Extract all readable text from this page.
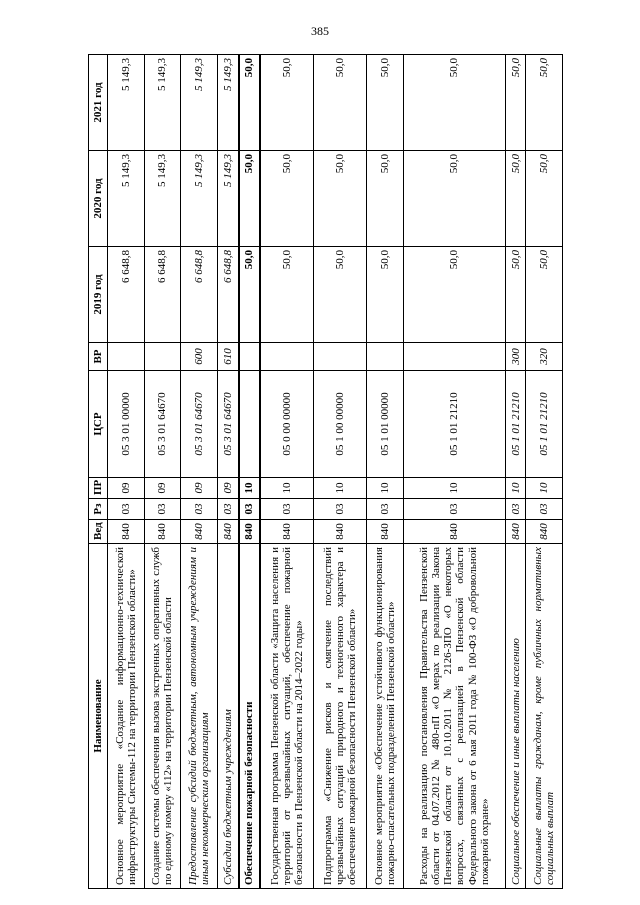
385
Наименование	Вед	Рз	ПР	ЦСР	ВР	2019 год	2020 год	2021 год
Основное мероприятие «Создание информационно-технической инфраструктуры Системы-112 на территории Пензенской области»	840	03	09	05 3 01 00000		6 648,8	5 149,3	5 149,3
Создание системы обеспечения вызова экстренных оперативных служб по единому номеру «112» на территории Пензенской области	840	03	09	05 3 01 64670		6 648,8	5 149,3	5 149,3
Предоставление субсидий бюджетным, автономным учреждениям и иным некоммерческим организациям	840	03	09	05 3 01 64670	600	6 648,8	5 149,3	5 149,3
Субсидии бюджетным учреждениям	840	03	09	05 3 01 64670	610	6 648,8	5 149,3	5 149,3
Обеспечение пожарной безопасности	840	03	10			50,0	50,0	50,0
Государственная программа Пензенской области «Защита населения и территорий от чрезвычайных ситуаций, обеспечение пожарной безопасности в Пензенской области на 2014–2022 годы»	840	03	10	05 0 00 00000		50,0	50,0	50,0
Подпрограмма «Снижение рисков и смягчение последствий чрезвычайных ситуаций природного и техногенного характера и обеспечение пожарной безопасности Пензенской области»	840	03	10	05 1 00 00000		50,0	50,0	50,0
Основное мероприятие «Обеспечение устойчивого функционирования пожарно-спасательных подразделений Пензенской области»	840	03	10	05 1 01 00000		50,0	50,0	50,0
Расходы на реализацию постановления Правительства Пензенской области от 04.07.2012 № 480-пП «О мерах по реализации Закона Пензенской области от 10.10.2011 № 2126-ЗПО «О некоторых вопросах, связанных с реализацией в Пензенской области Федерального закона от 6 мая 2011 года № 100-ФЗ «О добровольной пожарной охране»	840	03	10	05 1 01 21210		50,0	50,0	50,0
Социальное обеспечение и иные выплаты населению	840	03	10	05 1 01 21210	300	50,0	50,0	50,0
Социальные выплаты гражданам, кроме публичных нормативных социальных выплат	840	03	10	05 1 01 21210	320	50,0	50,0	50,0
